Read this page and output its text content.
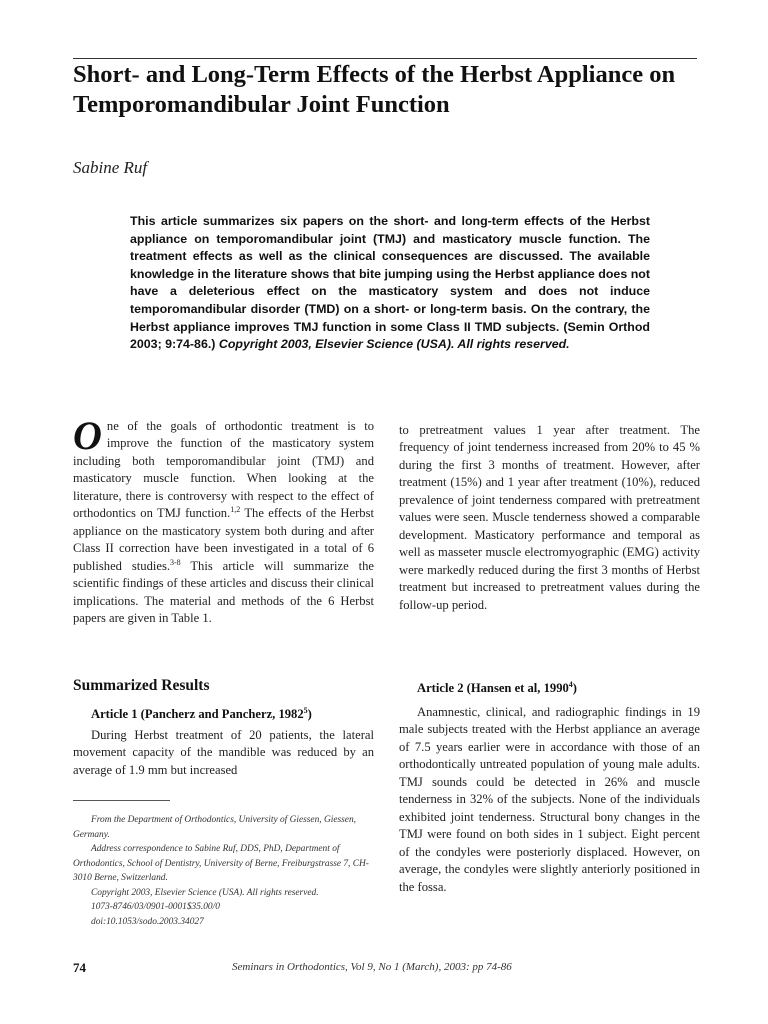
Short- and Long-Term Effects of the Herbst Appliance on Temporomandibular Joint Function
Sabine Ruf

This article summarizes six papers on the short- and long-term effects of the Herbst appliance on temporomandibular joint (TMJ) and masticatory muscle function. The treatment effects as well as the clinical consequences are discussed. The available knowledge in the literature shows that bite jumping using the Herbst appliance does not have a deleterious effect on the masticatory system and does not induce temporomandibular disorder (TMD) on a short- or long-term basis. On the contrary, the Herbst appliance improves TMJ function in some Class II TMD subjects. (Semin Orthod 2003; 9:74-86.) Copyright 2003, Elsevier Science (USA). All rights reserved.

One of the goals of orthodontic treatment is to improve the function of the masticatory system including both temporomandibular joint (TMJ) and masticatory muscle function. When looking at the literature, there is controversy with respect to the effect of orthodontics on TMJ function.$^{1,2}$ The effects of the Herbst appliance on the masticatory system both during and after Class II correction have been investigated in a total of 6 published studies.$^{3-8}$ This article will summarize the scientific findings of these articles and discuss their clinical implications. The material and methods of the 6 Herbst papers are given in Table 1.

Summarized Results
Article 1 (Pancherz and Pancherz, 1982$^5$)

During Herbst treatment of 20 patients, the lateral movement capacity of the mandible was reduced by an average of 1.9 mm but increased

From the Department of Orthodontics, University of Giessen, Giessen, Germany.
Address correspondence to Sabine Ruf, DDS, PhD, Department of Orthodontics, School of Dentistry, University of Berne, Freiburgstrasse 7, CH-3010 Berne, Switzerland.
Copyright 2003, Elsevier Science (USA). All rights reserved.
1073-8746/03/0901-0001$35.00/0
doi:10.1053/sodo.2003.34027

to pretreatment values 1 year after treatment. The frequency of joint tenderness increased from 20% to 45 % during the first 3 months of treatment. However, after treatment (15%) and 1 year after treatment (10%), reduced prevalence of joint tenderness compared with pretreatment values were seen. Muscle tenderness showed a comparable development. Masticatory performance and temporal as well as masseter muscle electromyographic (EMG) activity were markedly reduced during the first 3 months of Herbst treatment but increased to pretreatment values during the follow-up period.

Article 2 (Hansen et al, 1990$^4$)

Anamnestic, clinical, and radiographic findings in 19 male subjects treated with the Herbst appliance an average of 7.5 years earlier were in accordance with those of an orthodontically untreated population of young male adults. TMJ sounds could be detected in 26% and muscle tenderness in 32% of the subjects. None of the individuals exhibited joint tenderness. Structural bony changes in the TMJ were found on both sides in 1 subject. Eight percent of the condyles were posteriorly displaced. However, on average, the condyles were slightly anteriorly positioned in the fossa.

74	Seminars in Orthodontics, Vol 9, No 1 (March), 2003: pp 74-86
